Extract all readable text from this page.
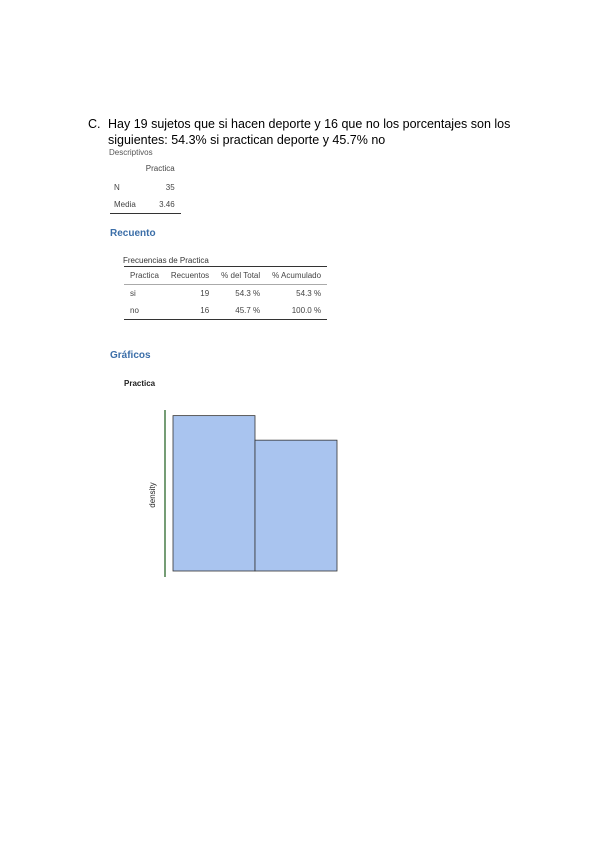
C. Hay 19 sujetos que si hacen deporte y 16 que no los porcentajes son los siguientes: 54.3% si practican deporte y 45.7% no
Descriptivos
	Practica
N	35
Media	3.46
Recuento
Frecuencias de Practica
Practica	Recuentos	% del Total	% Acumulado
si	19	54.3 %	54.3 %
no	16	45.7 %	100.0 %
Gráficos
Practica
density
